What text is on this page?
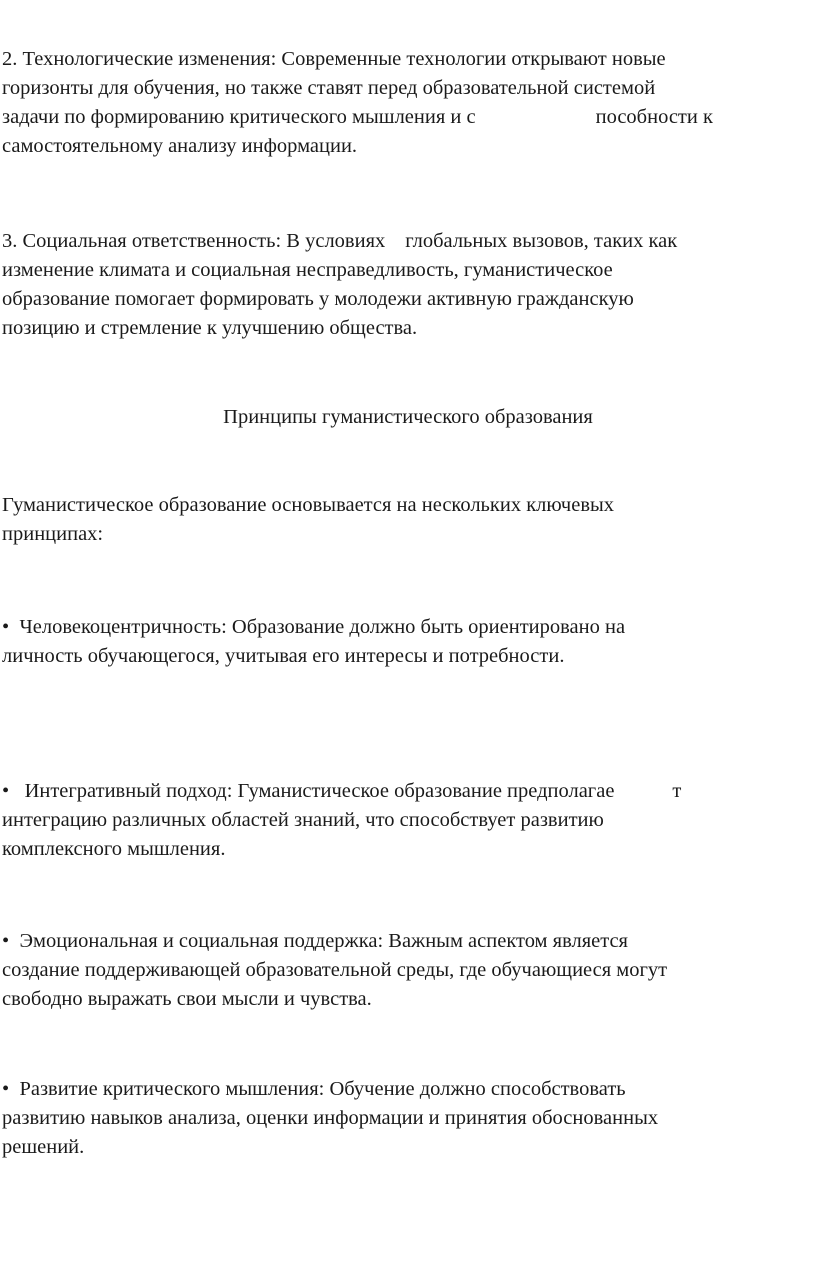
2. Технологические изменения: Современные технологии открывают новые
горизонты для обучения, но также ставят перед образовательной системой
задачи по формированию критического мышления и с	пособности к
самостоятельному анализу информации.
3. Социальная ответственность: В условиях глобальных вызовов, таких как
изменение климата и социальная несправедливость, гуманистическое
образование помогает формировать у молодежи активную гражданскую
позицию и стремление к улучшению общества.
Принципы гуманистического образования
Гуманистическое образование основывается на нескольких ключевых
принципах:
• Человекоцентричность: Образование должно быть ориентировано на
личность обучающегося, учитывая его интересы и потребности.
• Интегративный подход: Гуманистическое образование предполагае	т
интеграцию различных областей знаний, что способствует развитию
комплексного мышления.
• Эмоциональная и социальная поддержка: Важным аспектом является
создание поддерживающей образовательной среды, где обучающиеся могут
свободно выражать свои мысли и чувства.
• Развитие критического мышления: Обучение должно способствовать
развитию навыков анализа, оценки информации и принятия обоснованных
решений.
